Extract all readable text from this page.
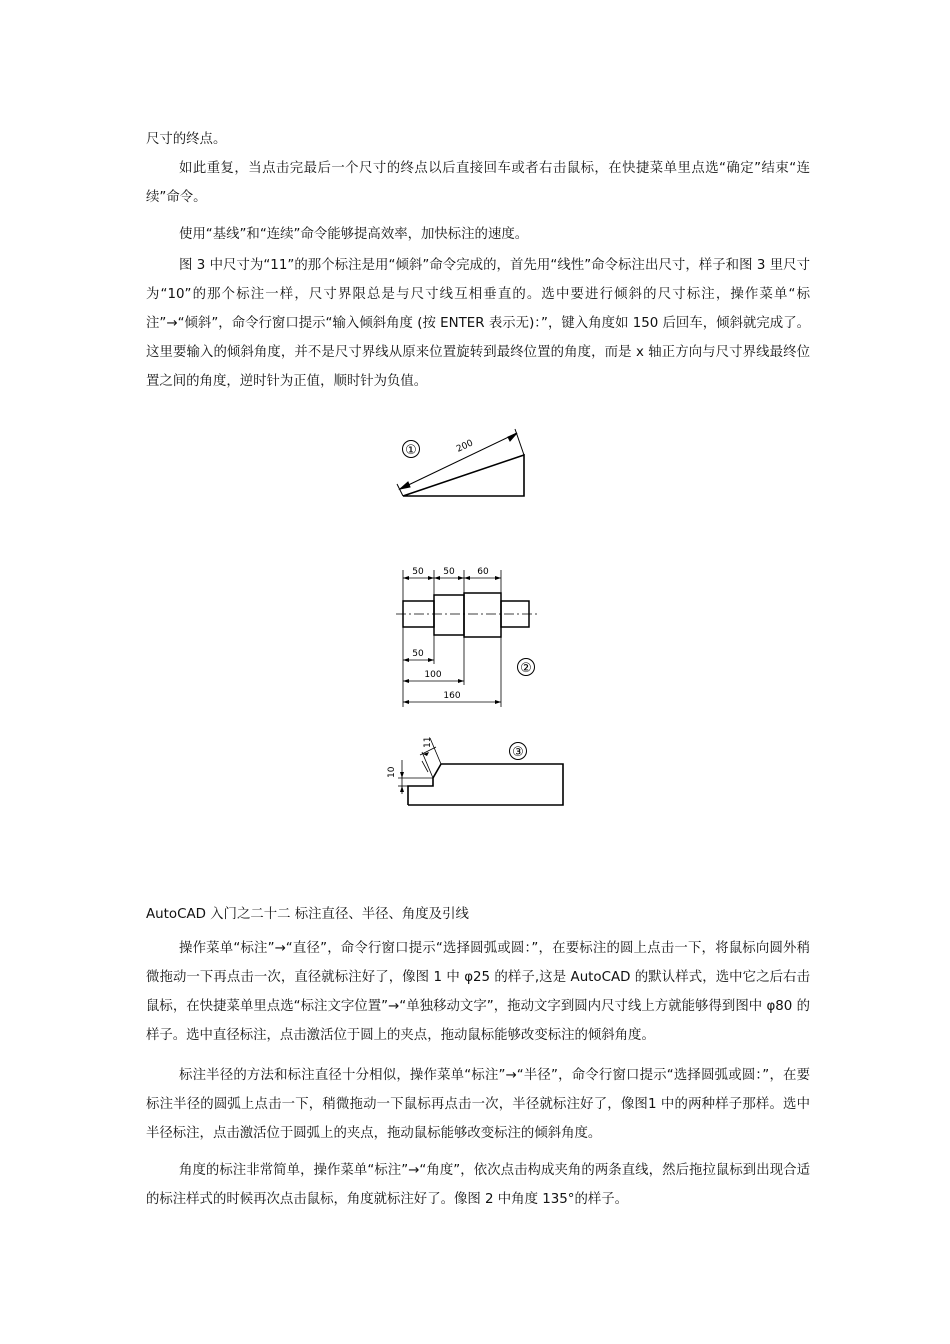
尺寸的终点。

如此重复，当点击完最后一个尺寸的终点以后直接回车或者右击鼠标，在快捷菜单里点选“确定”结束“连续”命令。

使用“基线”和“连续”命令能够提高效率，加快标注的速度。

图 3 中尺寸为“11”的那个标注是用“倾斜”命令完成的，首先用“线性”命令标注出尺寸，样子和图 3 里尺寸为“10”的那个标注一样，尺寸界限总是与尺寸线互相垂直的。选中要进行倾斜的尺寸标注，操作菜单“标注”→“倾斜”，命令行窗口提示“输入倾斜角度 (按 ENTER 表示无)：”，键入角度如 150 后回车，倾斜就完成了。这里要输入的倾斜角度，并不是尺寸界线从原来位置旋转到最终位置的角度，而是 x 轴正方向与尺寸界线最终位置之间的角度，逆时针为正值，顺时针为负值。

①	200
50 50	60
50
100
160
②
10
11
③

AutoCAD 入门之二十二 标注直径、半径、角度及引线

操作菜单“标注”→“直径”，命令行窗口提示“选择圆弧或圆：”，在要标注的圆上点击一下，将鼠标向圆外稍微拖动一下再点击一次，直径就标注好了，像图 1 中 φ25 的样子,这是 AutoCAD 的默认样式，选中它之后右击鼠标，在快捷菜单里点选“标注文字位置”→“单独移动文字”，拖动文字到圆内尺寸线上方就能够得到图中 φ80 的样子。选中直径标注，点击激活位于圆上的夹点，拖动鼠标能够改变标注的倾斜角度。

标注半径的方法和标注直径十分相似，操作菜单“标注”→“半径”，命令行窗口提示“选择圆弧或圆：”，在要标注半径的圆弧上点击一下，稍微拖动一下鼠标再点击一次，半径就标注好了，像图1 中的两种样子那样。选中半径标注，点击激活位于圆弧上的夹点，拖动鼠标能够改变标注的倾斜角度。

角度的标注非常简单，操作菜单“标注”→“角度”，依次点击构成夹角的两条直线，然后拖拉鼠标到出现合适的标注样式的时候再次点击鼠标，角度就标注好了。像图 2 中角度 135°的样子。
